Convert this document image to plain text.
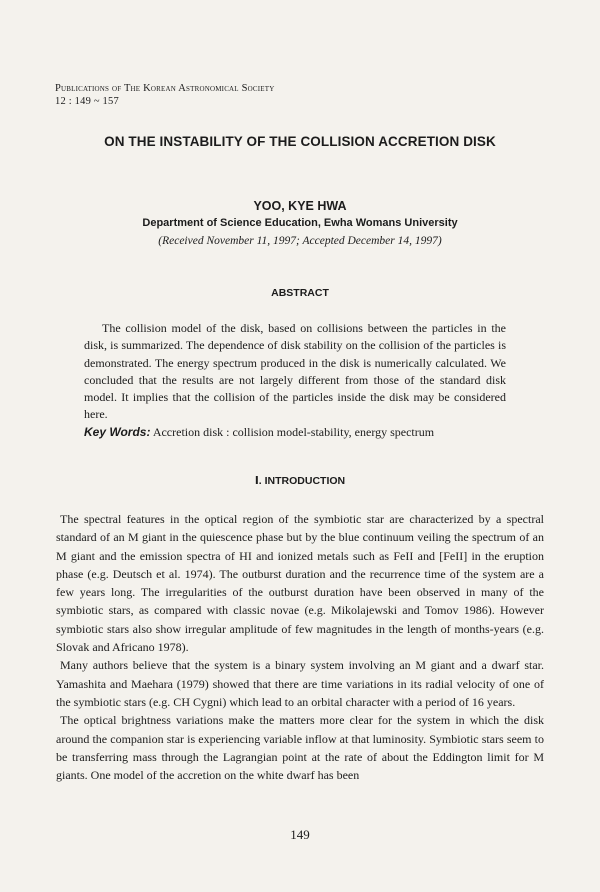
Publications of The Korean Astronomical Society
12 : 149 ~ 157
ON THE INSTABILITY OF THE COLLISION ACCRETION DISK
YOO, KYE HWA
Department of Science Education, Ewha Womans University
(Received November 11, 1997; Accepted December 14, 1997)
ABSTRACT

The collision model of the disk, based on collisions between the particles in the disk, is summarized. The dependence of disk stability on the collision of the particles is demonstrated. The energy spectrum produced in the disk is numerically calculated. We concluded that the results are not largely different from those of the standard disk model. It implies that the collision of the particles inside the disk may be considered here.

Key Words: Accretion disk : collision model-stability, energy spectrum
Ⅰ. INTRODUCTION

The spectral features in the optical region of the symbiotic star are characterized by a spectral standard of an M giant in the quiescence phase but by the blue continuum veiling the spectrum of an M giant and the emission spectra of HI and ionized metals such as FeII and [FeII] in the eruption phase (e.g. Deutsch et al. 1974). The outburst duration and the recurrence time of the system are a few years long. The irregularities of the outburst duration have been observed in many of the symbiotic stars, as compared with classic novae (e.g. Mikolajewski and Tomov 1986). However symbiotic stars also show irregular amplitude of few magnitudes in the length of months-years (e.g. Slovak and Africano 1978).

Many authors believe that the system is a binary system involving an M giant and a dwarf star. Yamashita and Maehara (1979) showed that there are time variations in its radial velocity of one of the symbiotic stars (e.g. CH Cygni) which lead to an orbital character with a period of 16 years.

The optical brightness variations make the matters more clear for the system in which the disk around the companion star is experiencing variable inflow at that luminosity. Symbiotic stars seem to be transferring mass through the Lagrangian point at the rate of about the Eddington limit for M giants. One model of the accretion on the white dwarf has been

149
